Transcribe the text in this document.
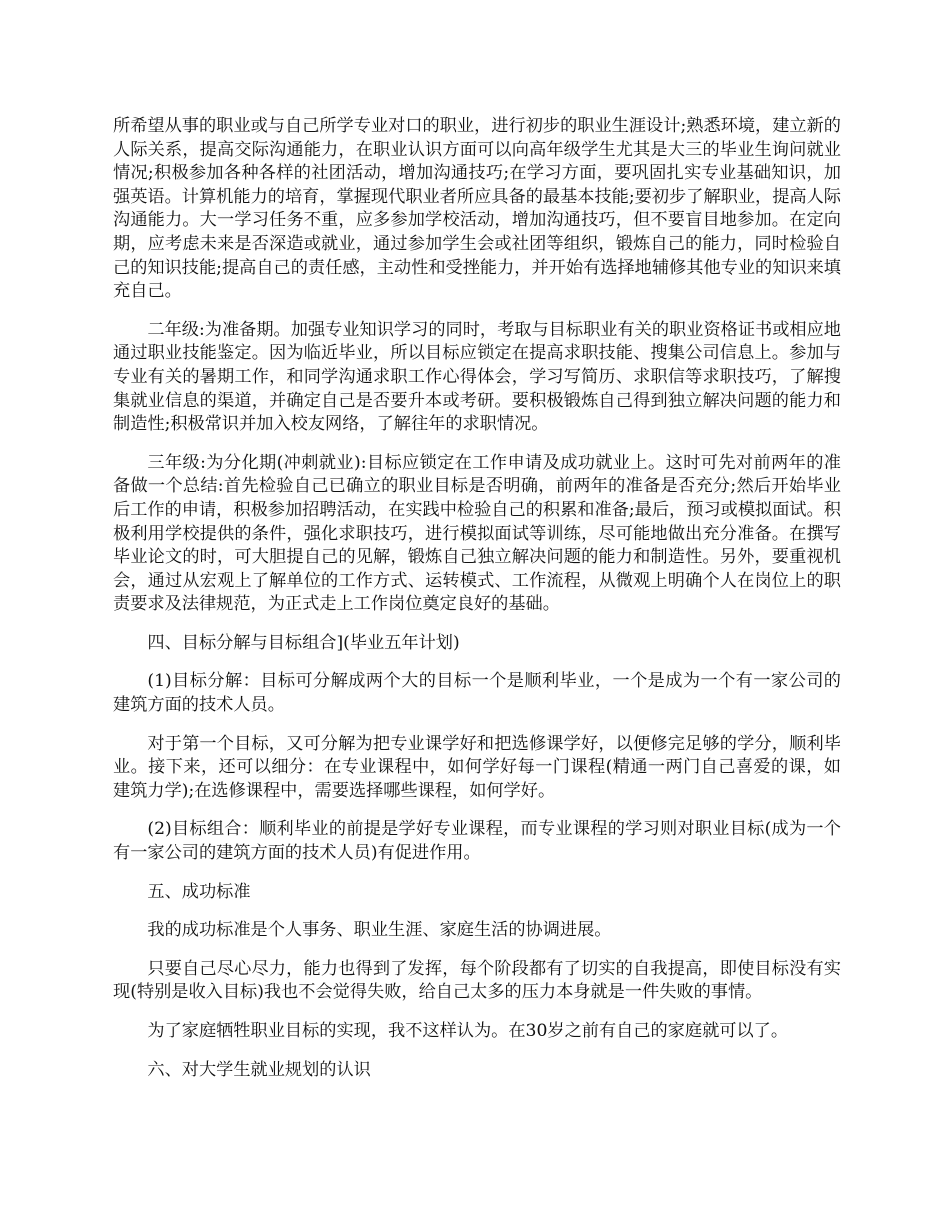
所希望从事的职业或与自己所学专业对口的职业，进行初步的职业生涯设计;熟悉环境，建立新的人际关系，提高交际沟通能力，在职业认识方面可以向高年级学生尤其是大三的毕业生询问就业情况;积极参加各种各样的社团活动，增加沟通技巧;在学习方面，要巩固扎实专业基础知识，加强英语。计算机能力的培育，掌握现代职业者所应具备的最基本技能;要初步了解职业，提高人际沟通能力。大一学习任务不重，应多参加学校活动，增加沟通技巧，但不要盲目地参加。在定向期，应考虑未来是否深造或就业，通过参加学生会或社团等组织，锻炼自己的能力，同时检验自己的知识技能;提高自己的责任感，主动性和受挫能力，并开始有选择地辅修其他专业的知识来填充自己。

二年级:为准备期。加强专业知识学习的同时，考取与目标职业有关的职业资格证书或相应地通过职业技能鉴定。因为临近毕业，所以目标应锁定在提高求职技能、搜集公司信息上。参加与专业有关的暑期工作，和同学沟通求职工作心得体会，学习写简历、求职信等求职技巧，了解搜集就业信息的渠道，并确定自己是否要升本或考研。要积极锻炼自己得到独立解决问题的能力和制造性;积极常识并加入校友网络，了解往年的求职情况。

三年级:为分化期(冲刺就业):目标应锁定在工作申请及成功就业上。这时可先对前两年的准备做一个总结:首先检验自己已确立的职业目标是否明确，前两年的准备是否充分;然后开始毕业后工作的申请，积极参加招聘活动，在实践中检验自己的积累和准备;最后，预习或模拟面试。积极利用学校提供的条件，强化求职技巧，进行模拟面试等训练，尽可能地做出充分准备。在撰写毕业论文的时，可大胆提自己的见解，锻炼自己独立解决问题的能力和制造性。另外，要重视机会，通过从宏观上了解单位的工作方式、运转模式、工作流程，从微观上明确个人在岗位上的职责要求及法律规范，为正式走上工作岗位奠定良好的基础。

四、目标分解与目标组合](毕业五年计划)

(1)目标分解：目标可分解成两个大的目标一个是顺利毕业，一个是成为一个有一家公司的建筑方面的技术人员。

对于第一个目标，又可分解为把专业课学好和把选修课学好，以便修完足够的学分，顺利毕业。接下来，还可以细分：在专业课程中，如何学好每一门课程(精通一两门自己喜爱的课，如建筑力学);在选修课程中，需要选择哪些课程，如何学好。

(2)目标组合：顺利毕业的前提是学好专业课程，而专业课程的学习则对职业目标(成为一个有一家公司的建筑方面的技术人员)有促进作用。

五、成功标准

我的成功标准是个人事务、职业生涯、家庭生活的协调进展。

只要自己尽心尽力，能力也得到了发挥，每个阶段都有了切实的自我提高，即使目标没有实现(特别是收入目标)我也不会觉得失败，给自己太多的压力本身就是一件失败的事情。

为了家庭牺牲职业目标的实现，我不这样认为。在30岁之前有自己的家庭就可以了。

六、对大学生就业规划的认识
